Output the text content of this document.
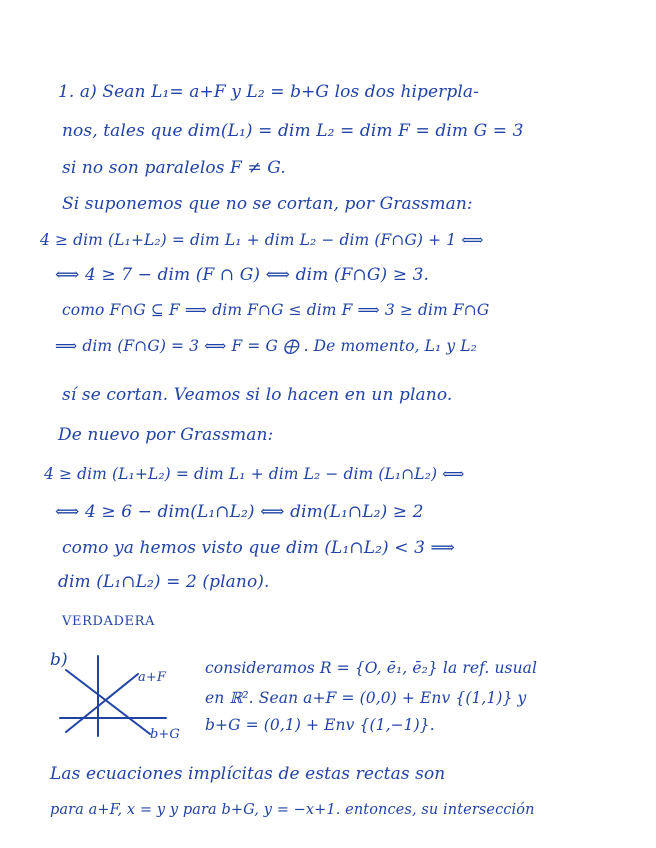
1. a) Sean L₁= a+F y L₂ = b+G los dos hiperpla-
nos, tales que dim(L₁) = dim L₂ = dim F = dim G = 3
si no son paralelos F ≠ G.
Si suponemos que no se cortan, por Grassman:
4 ≥ dim (L₁+L₂) = dim L₁ + dim L₂ − dim (F∩G) + 1 ⟺
⟺ 4 ≥ 7 − dim (F ∩ G) ⟺ dim (F∩G) ≥ 3.
como F∩G ⊆ F ⟹ dim F∩G ≤ dim F ⟹ 3 ≥ dim F∩G
⟹ dim (F∩G) = 3 ⟺ F = G ⨁ . De momento, L₁ y L₂
sí se cortan. Veamos si lo hacen en un plano.
De nuevo por Grassman:
4 ≥ dim (L₁+L₂) = dim L₁ + dim L₂ − dim (L₁∩L₂) ⟺
⟺ 4 ≥ 6 − dim(L₁∩L₂) ⟺ dim(L₁∩L₂) ≥ 2
como ya hemos visto que dim (L₁∩L₂) < 3 ⟹
dim (L₁∩L₂) = 2 (plano).
VERDADERA
b)
a+F
b+G
consideramos R = {O, ē₁, ē₂} la ref. usual
en ℝ². Sean a+F = (0,0) + Env {(1,1)} y
b+G = (0,1) + Env {(1,−1)}.
Las ecuaciones implícitas de estas rectas son
para a+F, x = y y para b+G, y = −x+1. entonces, su intersección
